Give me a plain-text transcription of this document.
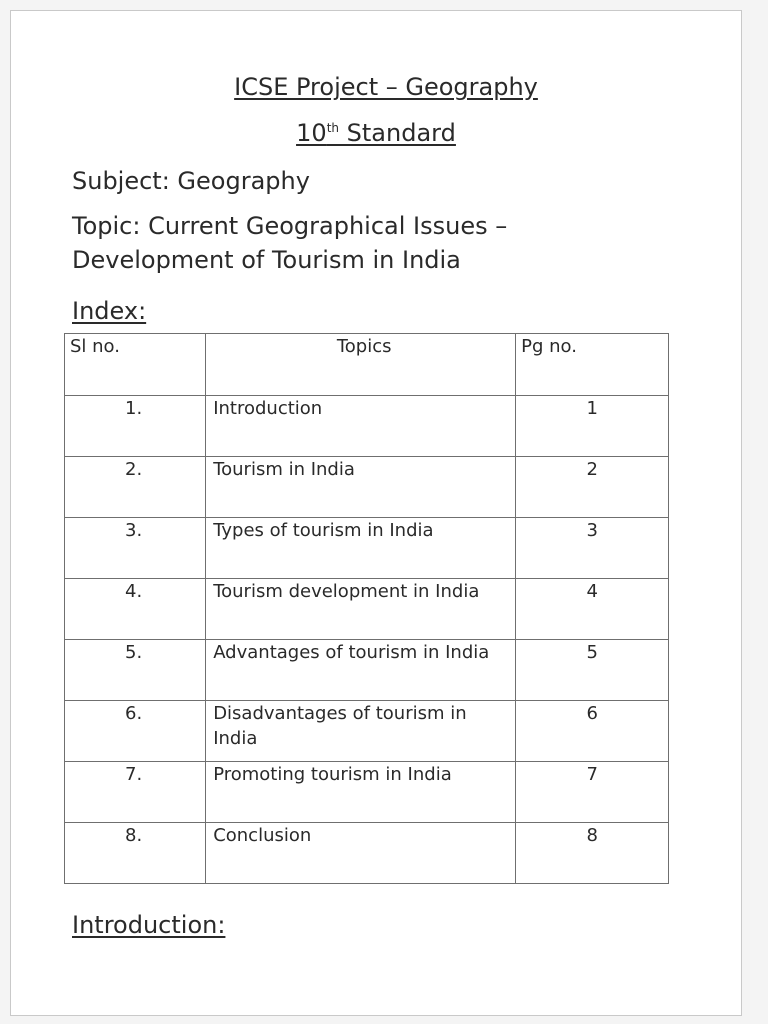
ICSE Project – Geography
10th Standard
Subject: Geography
Topic: Current Geographical Issues – Development of Tourism in India
Index:
Sl no.	Topics	Pg no.
1.	Introduction	1
2.	Tourism in India	2
3.	Types of tourism in India	3
4.	Tourism development in India	4
5.	Advantages of tourism in India	5
6.	Disadvantages of tourism in India	6
7.	Promoting tourism in India	7
8.	Conclusion	8
Introduction:
